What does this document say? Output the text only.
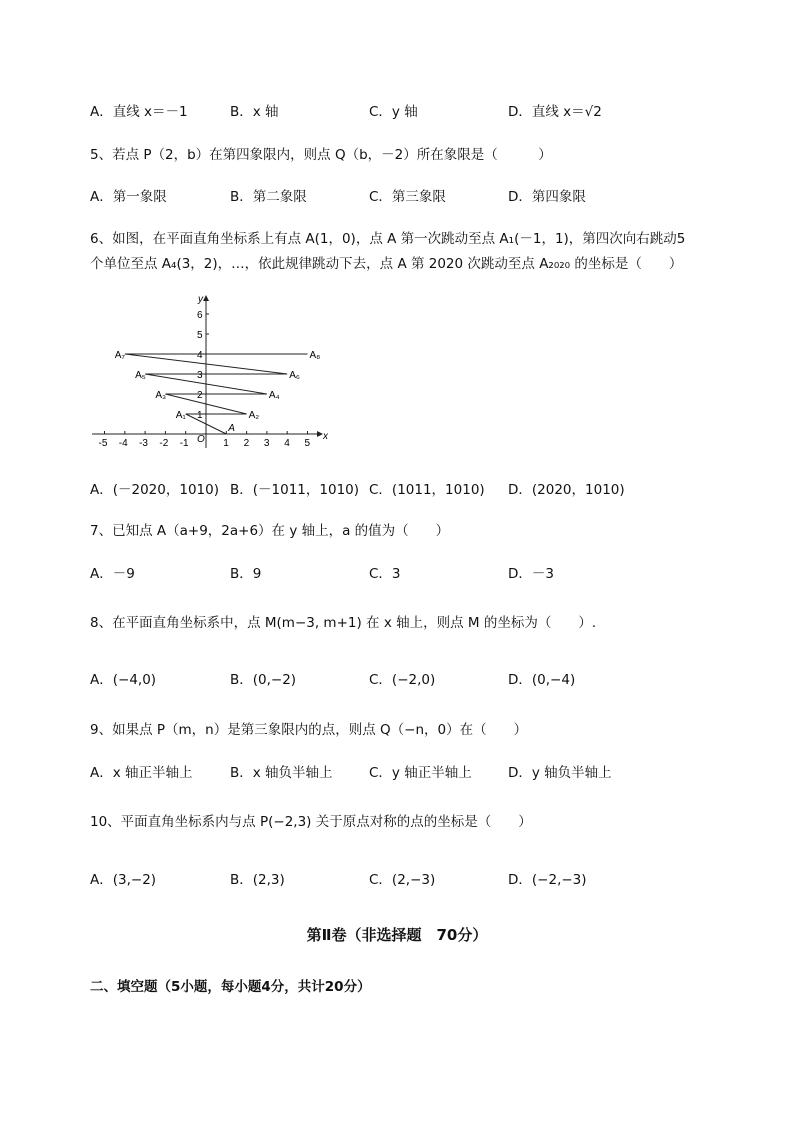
A．直线 x＝－1	B．x 轴	C．y 轴	D．直线 x＝√2
5、若点 P（2，b）在第四象限内，则点 Q（b，－2）所在象限是（　　　）
A．第一象限	B．第二象限	C．第三象限	D．第四象限
6、如图，在平面直角坐标系上有点 A(1，0)，点 A 第一次跳动至点 A₁(－1，1)，第四次向右跳动5
个单位至点 A₄(3，2)，…，依此规律跳动下去，点 A 第 2020 次跳动至点 A₂₀₂₀ 的坐标是（　　）
-5 -4 -3 -2 -1	1 2 3 4 5
1
2
3
4
5
6
A
A₁	A₂
A₃	A₄
A₅	A₆
A₇	A₈
x
y
O
A．(－2020，1010) B．(－1011，1010) C．(1011，1010) D．(2020，1010)
7、已知点 A（a+9，2a+6）在 y 轴上，a 的值为（　　）
A．－9	B．9	C．3	D．－3
8、在平面直角坐标系中，点 M(m−3, m+1) 在 x 轴上，则点 M 的坐标为（　　）.
A．(−4,0)	B．(0,−2)	C．(−2,0)	D．(0,−4)
9、如果点 P（m，n）是第三象限内的点，则点 Q（−n，0）在（　　）
A．x 轴正半轴上	B．x 轴负半轴上	C．y 轴正半轴上	D．y 轴负半轴上
10、平面直角坐标系内与点 P(−2,3) 关于原点对称的点的坐标是（　　）
A．(3,−2)	B．(2,3)	C．(2,−3)	D．(−2,−3)
第Ⅱ卷（非选择题　70分）
二、填空题（5小题，每小题4分，共计20分）
